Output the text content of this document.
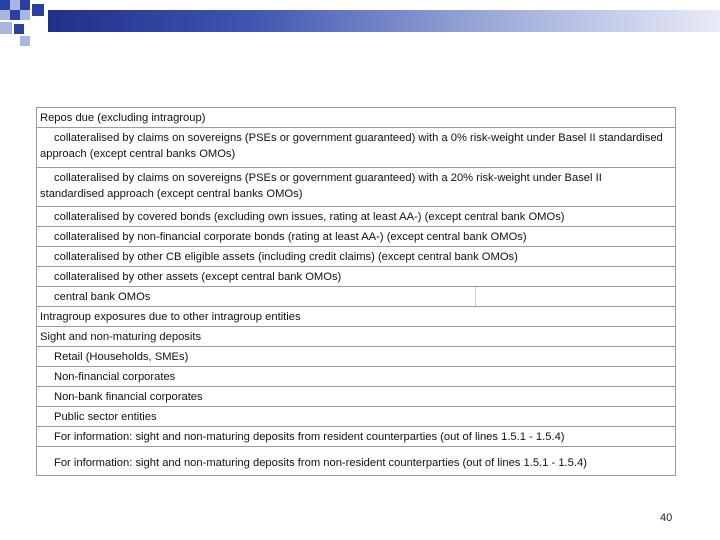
Repos due (excluding intragroup)
collateralised by claims on sovereigns (PSEs or government guaranteed) with a 0% risk-weight under Basel II standardised approach (except central banks OMOs)
collateralised by claims on sovereigns (PSEs or government guaranteed) with a 20% risk-weight under Basel II standardised approach (except central banks OMOs)
collateralised by covered bonds (excluding own issues, rating at least AA-) (except central bank OMOs)
collateralised by non-financial corporate bonds (rating at least AA-) (except central bank OMOs)
collateralised by other CB eligible assets (including credit claims) (except central bank OMOs)
collateralised by other assets (except central bank OMOs)
central bank OMOs
Intragroup exposures due to other intragroup entities
Sight and non-maturing deposits
Retail (Households, SMEs)
Non-financial corporates
Non-bank financial corporates
Public sector entities
For information: sight and non-maturing deposits from resident counterparties (out of lines 1.5.1 - 1.5.4)
For information: sight and non-maturing deposits from non-resident counterparties (out of lines 1.5.1 - 1.5.4)
40
